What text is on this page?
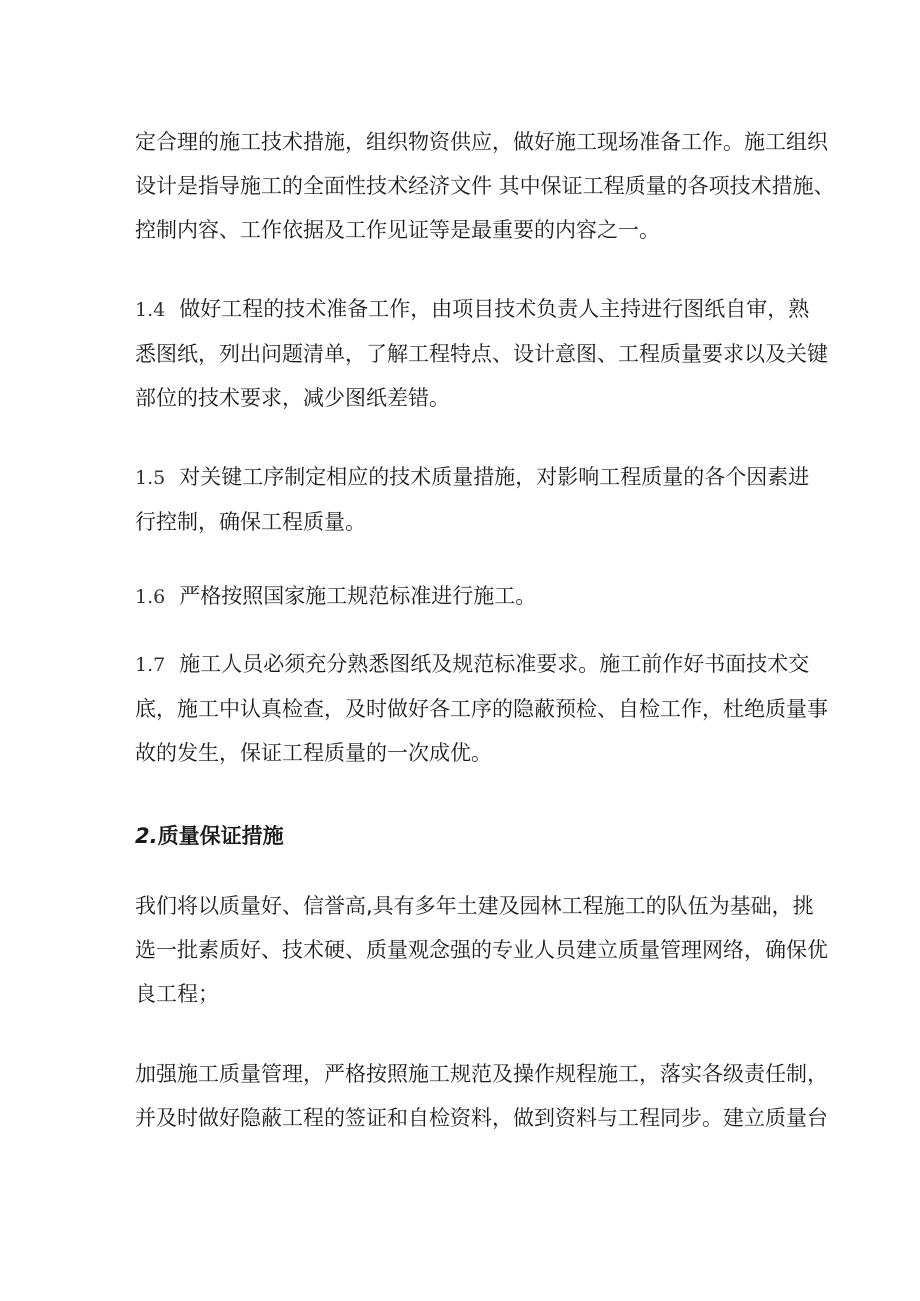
定合理的施工技术措施，组织物资供应，做好施工现场准备工作。施工组织
设计是指导施工的全面性技术经济文件 其中保证工程质量的各项技术措施、
控制内容、工作依据及工作见证等是最重要的内容之一。
1.4 做好工程的技术准备工作，由项目技术负责人主持进行图纸自审，熟
悉图纸，列出问题清单，了解工程特点、设计意图、工程质量要求以及关键
部位的技术要求，减少图纸差错。
1.5 对关键工序制定相应的技术质量措施，对影响工程质量的各个因素进
行控制，确保工程质量。
1.6 严格按照国家施工规范标准进行施工。
1.7 施工人员必须充分熟悉图纸及规范标准要求。施工前作好书面技术交
底，施工中认真检查，及时做好各工序的隐蔽预检、自检工作，杜绝质量事
故的发生，保证工程质量的一次成优。
2.质量保证措施
我们将以质量好、信誉高,具有多年土建及园林工程施工的队伍为基础，挑
选一批素质好、技术硬、质量观念强的专业人员建立质量管理网络，确保优
良工程；
加强施工质量管理，严格按照施工规范及操作规程施工，落实各级责任制，
并及时做好隐蔽工程的签证和自检资料，做到资料与工程同步。建立质量台
